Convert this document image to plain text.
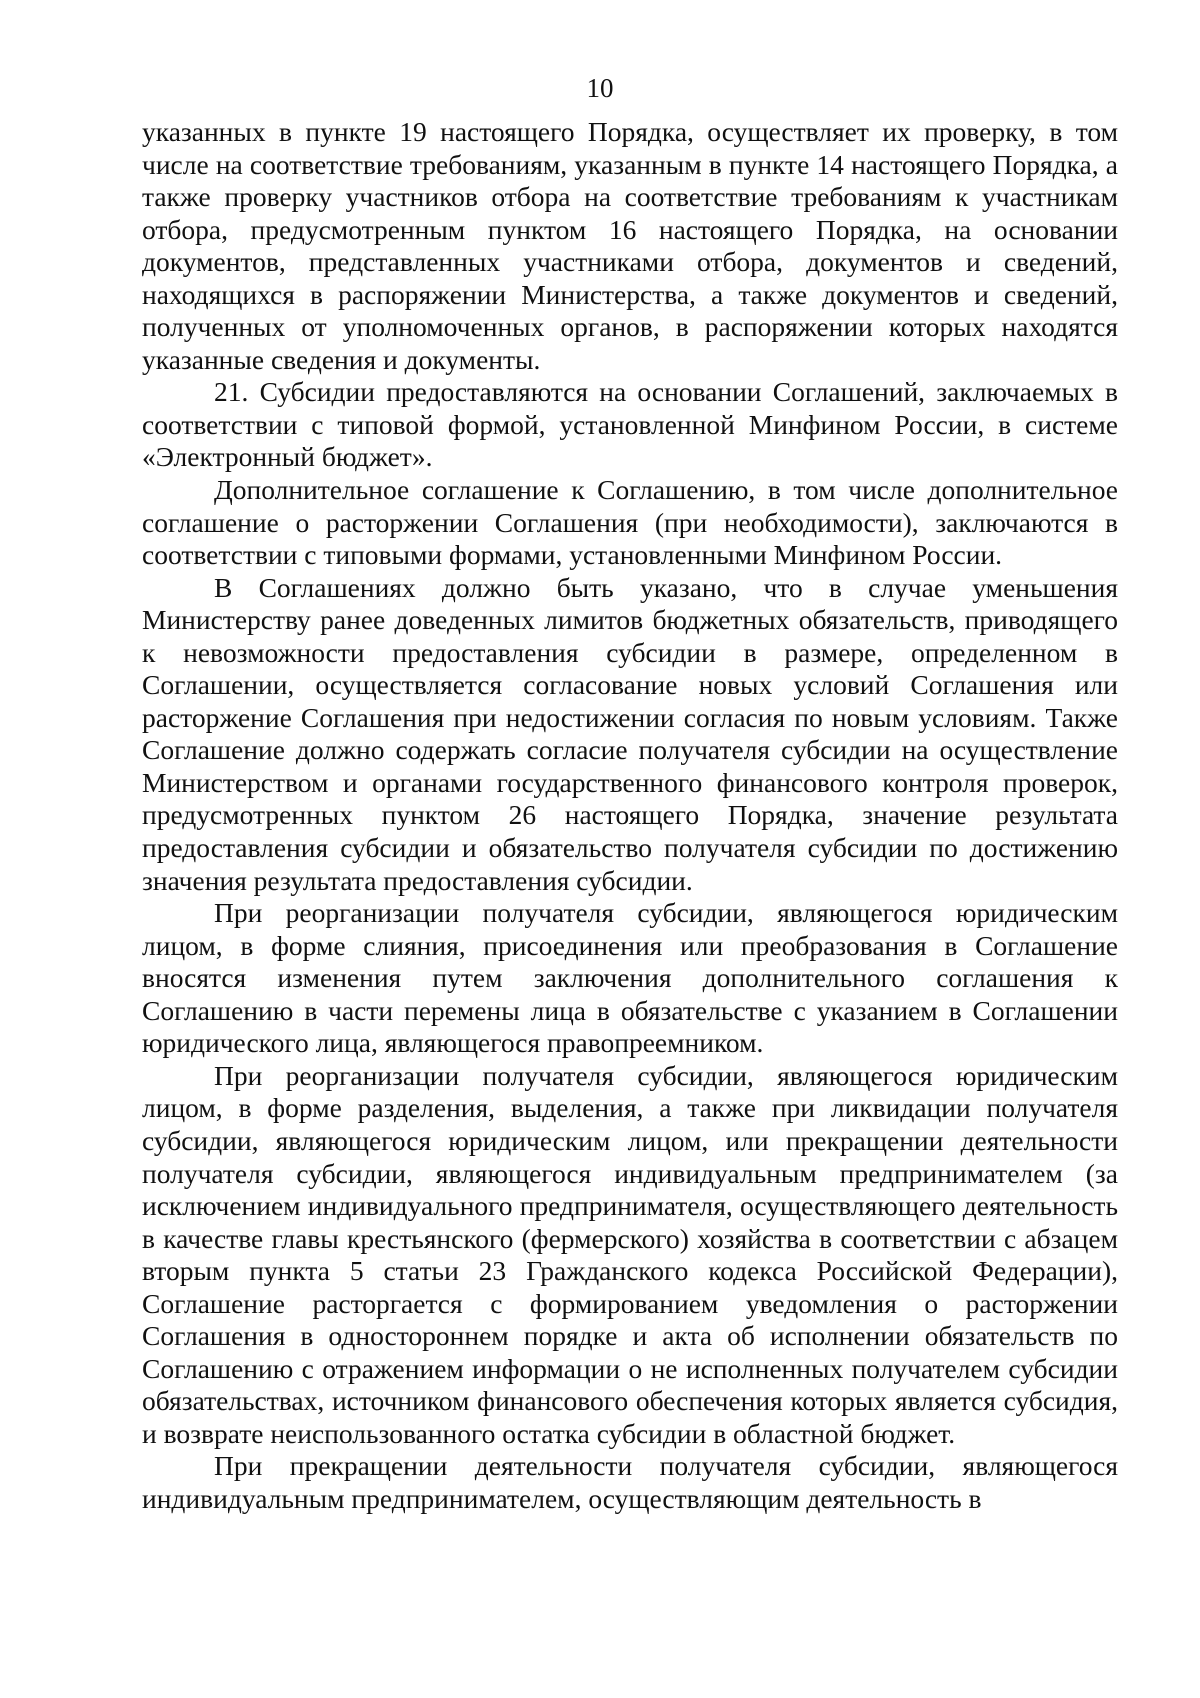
10

указанных в пункте 19 настоящего Порядка, осуществляет их проверку, в том числе на соответствие требованиям, указанным в пункте 14 настоящего Порядка, а также проверку участников отбора на соответствие требованиям к участникам отбора, предусмотренным пунктом 16 настоящего Порядка, на основании документов, представленных участниками отбора, документов и сведений, находящихся в распоряжении Министерства, а также документов и сведений, полученных от уполномоченных органов, в распоряжении которых находятся указанные сведения и документы.

21. Субсидии предоставляются на основании Соглашений, заключаемых в соответствии с типовой формой, установленной Минфином России, в системе «Электронный бюджет».

Дополнительное соглашение к Соглашению, в том числе дополнительное соглашение о расторжении Соглашения (при необходимости), заключаются в соответствии с типовыми формами, установленными Минфином России.

В Соглашениях должно быть указано, что в случае уменьшения Министерству ранее доведенных лимитов бюджетных обязательств, приводящего к невозможности предоставления субсидии в размере, определенном в Соглашении, осуществляется согласование новых условий Соглашения или расторжение Соглашения при недостижении согласия по новым условиям. Также Соглашение должно содержать согласие получателя субсидии на осуществление Министерством и органами государственного финансового контроля проверок, предусмотренных пунктом 26 настоящего Порядка, значение результата предоставления субсидии и обязательство получателя субсидии по достижению значения результата предоставления субсидии.

При реорганизации получателя субсидии, являющегося юридическим лицом, в форме слияния, присоединения или преобразования в Соглашение вносятся изменения путем заключения дополнительного соглашения к Соглашению в части перемены лица в обязательстве с указанием в Соглашении юридического лица, являющегося правопреемником.

При реорганизации получателя субсидии, являющегося юридическим лицом, в форме разделения, выделения, а также при ликвидации получателя субсидии, являющегося юридическим лицом, или прекращении деятельности получателя субсидии, являющегося индивидуальным предпринимателем (за исключением индивидуального предпринимателя, осуществляющего деятельность в качестве главы крестьянского (фермерского) хозяйства в соответствии с абзацем вторым пункта 5 статьи 23 Гражданского кодекса Российской Федерации), Соглашение расторгается с формированием уведомления о расторжении Соглашения в одностороннем порядке и акта об исполнении обязательств по Соглашению с отражением информации о не исполненных получателем субсидии обязательствах, источником финансового обеспечения которых является субсидия, и возврате неиспользованного остатка субсидии в областной бюджет.

При прекращении деятельности получателя субсидии, являющегося индивидуальным предпринимателем, осуществляющим деятельность в
